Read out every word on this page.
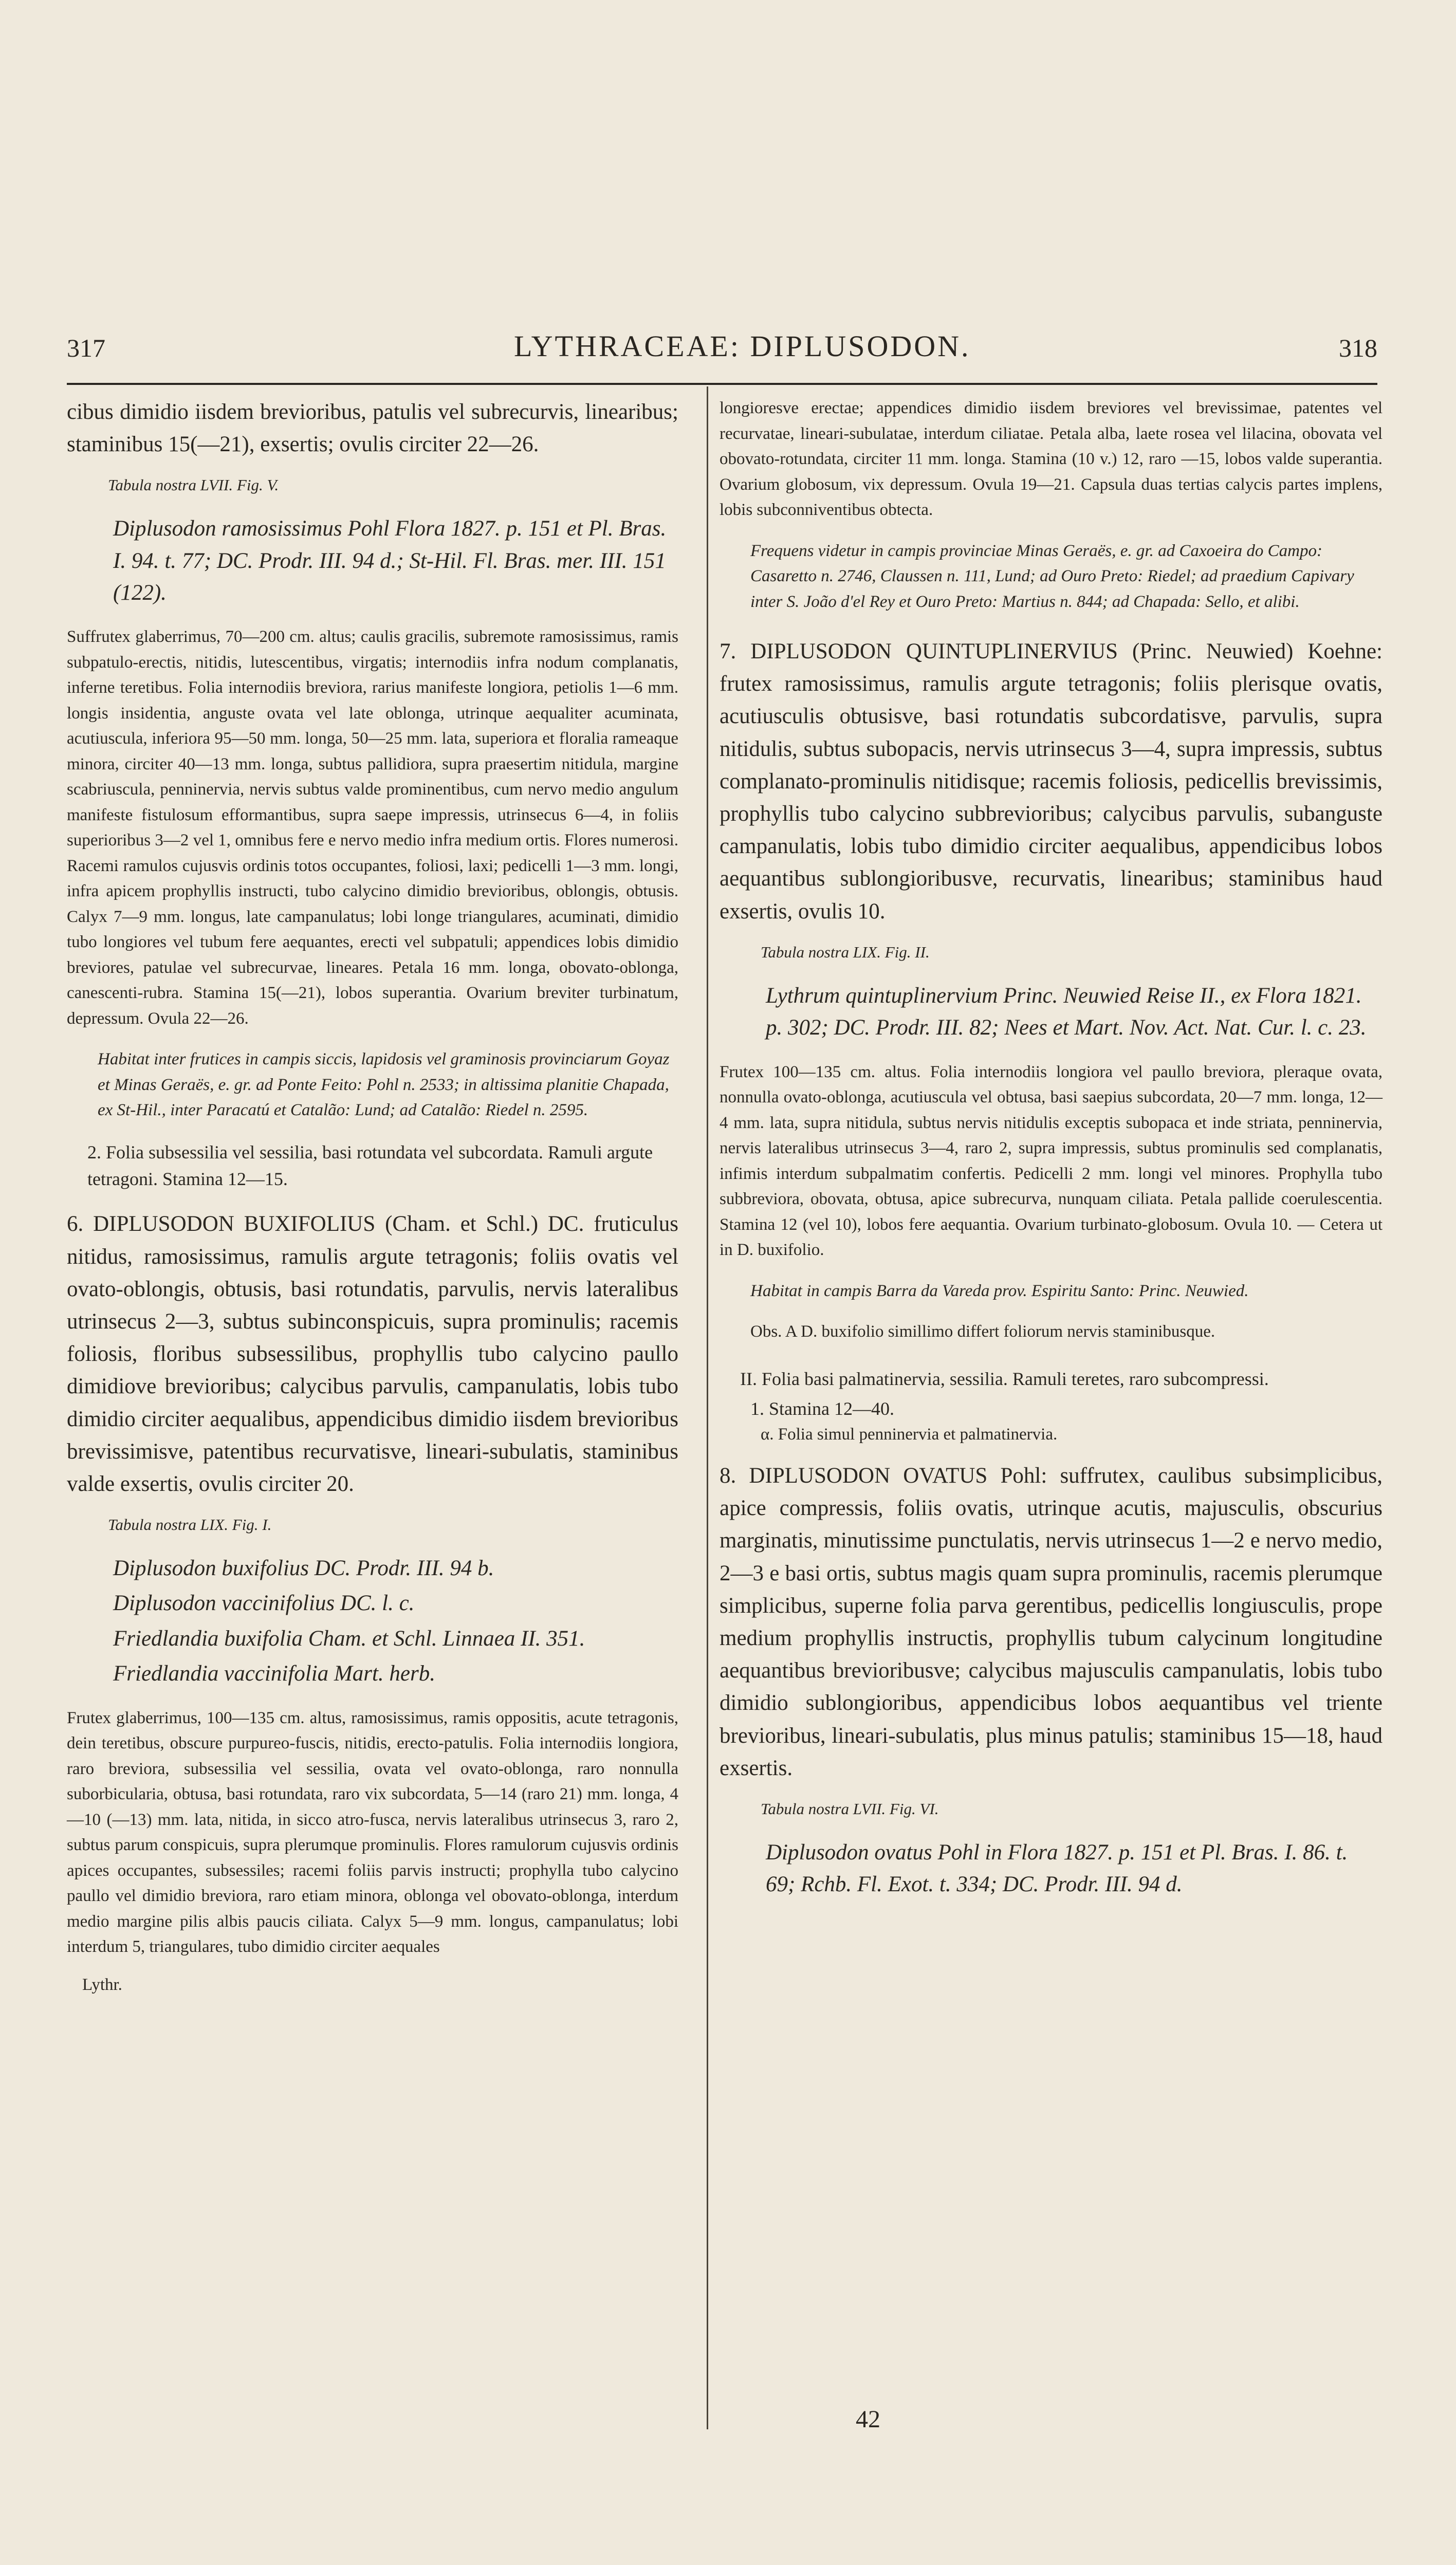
317	LYTHRACEAE: DIPLUSODON.	318

cibus dimidio iisdem brevioribus, patulis vel subrecurvis, linearibus; staminibus 15(—21), exsertis; ovulis circiter 22—26.

Tabula nostra LVII. Fig. V.

Diplusodon ramosissimus Pohl Flora 1827. p. 151 et Pl. Bras. I. 94. t. 77; DC. Prodr. III. 94 d.; St-Hil. Fl. Bras. mer. III. 151 (122).

Suffrutex glaberrimus, 70—200 cm. altus; caulis gracilis, subremote ramosissimus, ramis subpatulo-erectis, nitidis, lutescentibus, virgatis; internodiis infra nodum complanatis, inferne teretibus. Folia internodiis breviora, rarius manifeste longiora, petiolis 1—6 mm. longis insidentia, anguste ovata vel late oblonga, utrinque aequaliter acuminata, acutiuscula, inferiora 95—50 mm. longa, 50—25 mm. lata, superiora et floralia rameaque minora, circiter 40—13 mm. longa, subtus pallidiora, supra praesertim nitidula, margine scabriuscula, penninervia, nervis subtus valde prominentibus, cum nervo medio angulum manifeste fistulosum efformantibus, supra saepe impressis, utrinsecus 6—4, in foliis superioribus 3—2 vel 1, omnibus fere e nervo medio infra medium ortis. Flores numerosi. Racemi ramulos cujusvis ordinis totos occupantes, foliosi, laxi; pedicelli 1—3 mm. longi, infra apicem prophyllis instructi, tubo calycino dimidio brevioribus, oblongis, obtusis. Calyx 7—9 mm. longus, late campanulatus; lobi longe triangulares, acuminati, dimidio tubo longiores vel tubum fere aequantes, erecti vel subpatuli; appendices lobis dimidio breviores, patulae vel subrecurvae, lineares. Petala 16 mm. longa, obovato-oblonga, canescenti-rubra. Stamina 15(—21), lobos superantia. Ovarium breviter turbinatum, depressum. Ovula 22—26.

Habitat inter frutices in campis siccis, lapidosis vel graminosis provinciarum Goyaz et Minas Geraës, e. gr. ad Ponte Feito: Pohl n. 2533; in altissima planitie Chapada, ex St-Hil., inter Paracatú et Catalão: Lund; ad Catalão: Riedel n. 2595.

2. Folia subsessilia vel sessilia, basi rotundata vel subcordata. Ramuli argute tetragoni. Stamina 12—15.

6. DIPLUSODON BUXIFOLIUS (Cham. et Schl.) DC. fruticulus nitidus, ramosissimus, ramulis argute tetragonis; foliis ovatis vel ovato-oblongis, obtusis, basi rotundatis, parvulis, nervis lateralibus utrinsecus 2—3, subtus subinconspicuis, supra prominulis; racemis foliosis, floribus subsessilibus, prophyllis tubo calycino paullo dimidiove brevioribus; calycibus parvulis, campanulatis, lobis tubo dimidio circiter aequalibus, appendicibus dimidio iisdem brevioribus brevissimisve, patentibus recurvatisve, lineari-subulatis, staminibus valde exsertis, ovulis circiter 20.

Tabula nostra LIX. Fig. I.

Diplusodon buxifolius DC. Prodr. III. 94 b.

Diplusodon vaccinifolius DC. l. c.

Friedlandia buxifolia Cham. et Schl. Linnaea II. 351.

Friedlandia vaccinifolia Mart. herb.

Frutex glaberrimus, 100—135 cm. altus, ramosissimus, ramis oppositis, acute tetragonis, dein teretibus, obscure purpureo-fuscis, nitidis, erecto-patulis. Folia internodiis longiora, raro breviora, subsessilia vel sessilia, ovata vel ovato-oblonga, raro nonnulla suborbicularia, obtusa, basi rotundata, raro vix subcordata, 5—14 (raro 21) mm. longa, 4—10 (—13) mm. lata, nitida, in sicco atro-fusca, nervis lateralibus utrinsecus 3, raro 2, subtus parum conspicuis, supra plerumque prominulis. Flores ramulorum cujusvis ordinis apices occupantes, subsessiles; racemi foliis parvis instructi; prophylla tubo calycino paullo vel dimidio breviora, raro etiam minora, oblonga vel obovato-oblonga, interdum medio margine pilis albis paucis ciliata. Calyx 5—9 mm. longus, campanulatus; lobi interdum 5, triangulares, tubo dimidio circiter aequales

Lythr.

longioresve erectae; appendices dimidio iisdem breviores vel brevissimae, patentes vel recurvatae, lineari-subulatae, interdum ciliatae. Petala alba, laete rosea vel lilacina, obovata vel obovato-rotundata, circiter 11 mm. longa. Stamina (10 v.) 12, raro —15, lobos valde superantia. Ovarium globosum, vix depressum. Ovula 19—21. Capsula duas tertias calycis partes implens, lobis subconniventibus obtecta.

Frequens videtur in campis provinciae Minas Geraës, e. gr. ad Caxoeira do Campo: Casaretto n. 2746, Claussen n. 111, Lund; ad Ouro Preto: Riedel; ad praedium Capivary inter S. João d'el Rey et Ouro Preto: Martius n. 844; ad Chapada: Sello, et alibi.

7. DIPLUSODON QUINTUPLINERVIUS (Princ. Neuwied) Koehne: frutex ramosissimus, ramulis argute tetragonis; foliis plerisque ovatis, acutiusculis obtusisve, basi rotundatis subcordatisve, parvulis, supra nitidulis, subtus subopacis, nervis utrinsecus 3—4, supra impressis, subtus complanato-prominulis nitidisque; racemis foliosis, pedicellis brevissimis, prophyllis tubo calycino subbrevioribus; calycibus parvulis, subanguste campanulatis, lobis tubo dimidio circiter aequalibus, appendicibus lobos aequantibus sublongioribusve, recurvatis, linearibus; staminibus haud exsertis, ovulis 10.

Tabula nostra LIX. Fig. II.

Lythrum quintuplinervium Princ. Neuwied Reise II., ex Flora 1821. p. 302; DC. Prodr. III. 82; Nees et Mart. Nov. Act. Nat. Cur. l. c. 23.

Frutex 100—135 cm. altus. Folia internodiis longiora vel paullo breviora, pleraque ovata, nonnulla ovato-oblonga, acutiuscula vel obtusa, basi saepius subcordata, 20—7 mm. longa, 12—4 mm. lata, supra nitidula, subtus nervis nitidulis exceptis subopaca et inde striata, penninervia, nervis lateralibus utrinsecus 3—4, raro 2, supra impressis, subtus prominulis sed complanatis, infimis interdum subpalmatim confertis. Pedicelli 2 mm. longi vel minores. Prophylla tubo subbreviora, obovata, obtusa, apice subrecurva, nunquam ciliata. Petala pallide coerulescentia. Stamina 12 (vel 10), lobos fere aequantia. Ovarium turbinato-globosum. Ovula 10. — Cetera ut in D. buxifolio.

Habitat in campis Barra da Vareda prov. Espiritu Santo: Princ. Neuwied.

Obs. A D. buxifolio simillimo differt foliorum nervis staminibusque.

II. Folia basi palmatinervia, sessilia. Ramuli teretes, raro subcompressi.

1. Stamina 12—40.

α. Folia simul penninervia et palmatinervia.

8. DIPLUSODON OVATUS Pohl: suffrutex, caulibus subsimplicibus, apice compressis, foliis ovatis, utrinque acutis, majusculis, obscurius marginatis, minutissime punctulatis, nervis utrinsecus 1—2 e nervo medio, 2—3 e basi ortis, subtus magis quam supra prominulis, racemis plerumque simplicibus, superne folia parva gerentibus, pedicellis longiusculis, prope medium prophyllis instructis, prophyllis tubum calycinum longitudine aequantibus brevioribusve; calycibus majusculis campanulatis, lobis tubo dimidio sublongioribus, appendicibus lobos aequantibus vel triente brevioribus, lineari-subulatis, plus minus patulis; staminibus 15—18, haud exsertis.

Tabula nostra LVII. Fig. VI.

Diplusodon ovatus Pohl in Flora 1827. p. 151 et Pl. Bras. I. 86. t. 69; Rchb. Fl. Exot. t. 334; DC. Prodr. III. 94 d.

42
